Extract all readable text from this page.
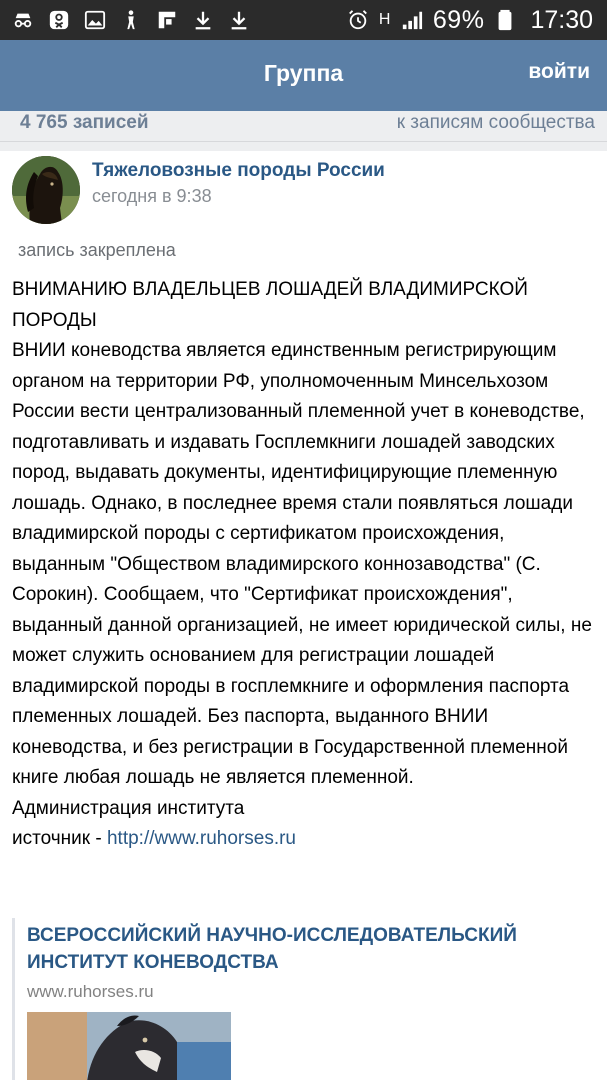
H 69% 17:30
Группа	войти
4 765 записей	к записям сообщества
Тяжеловозные породы России
сегодня в 9:38
запись закреплена

ВНИМАНИЮ ВЛАДЕЛЬЦЕВ ЛОШАДЕЙ ВЛАДИМИРСКОЙ ПОРОДЫ

ВНИИ коневодства является единственным регистрирующим органом на территории РФ, уполномоченным Минсельхозом России вести централизованный племенной учет в коневодстве, подготавливать и издавать Госплемкниги лошадей заводских пород, выдавать документы, идентифицирующие племенную лошадь. Однако, в последнее время стали появляться лошади владимирской породы с сертификатом происхождения, выданным "Обществом владимирского коннозаводства" (С. Сорокин). Сообщаем, что "Сертификат происхождения", выданный данной организацией, не имеет юридической силы, не может служить основанием для регистрации лошадей владимирской породы в госплемкниге и оформления паспорта племенных лошадей. Без паспорта, выданного ВНИИ коневодства, и без регистрации в Государственной племенной книге любая лошадь не является племенной.

Администрация института

источник - http://www.ruhorses.ru

ВСЕРОССИЙСКИЙ НАУЧНО-ИССЛЕДОВАТЕЛЬСКИЙ ИНСТИТУТ КОНЕВОДСТВА
www.ruhorses.ru
